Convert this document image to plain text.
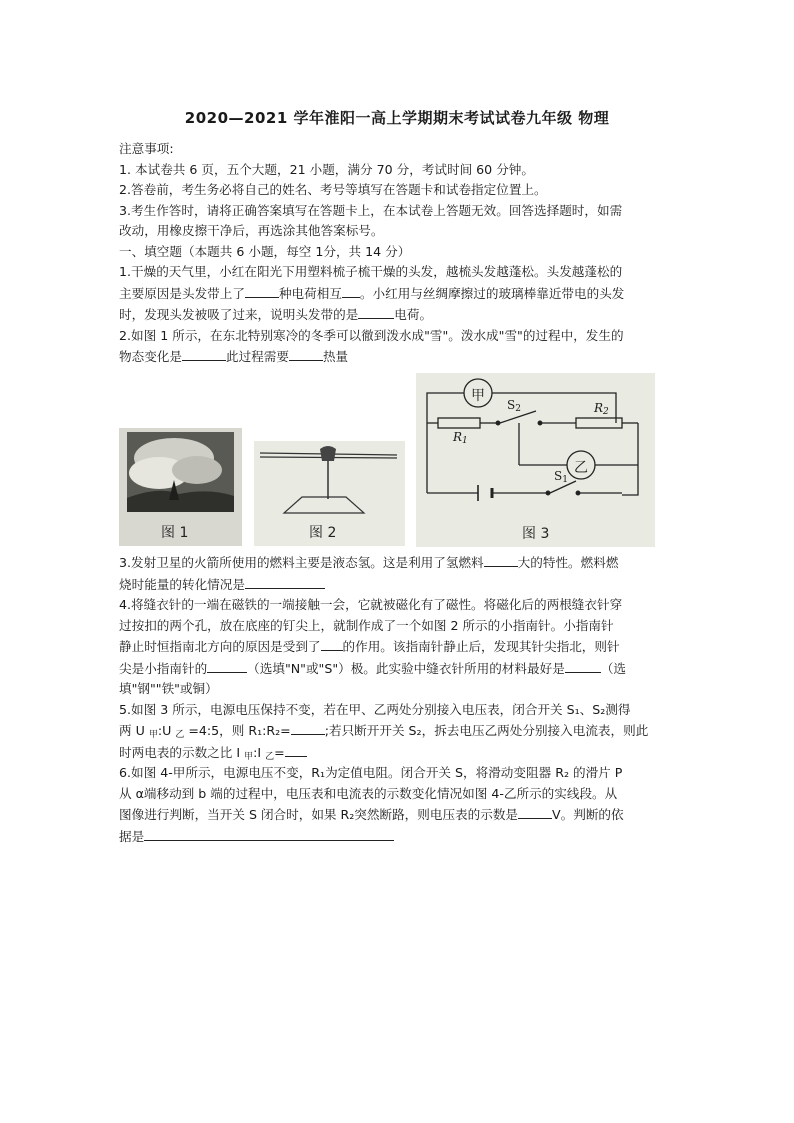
2020—2021 学年淮阳一高上学期期末考试试卷九年级 物理

注意事项:

1. 本试卷共 6 页，五个大题，21 小题，满分 70 分，考试时间 60 分钟。

2.答卷前，考生务必将自己的姓名、考号等填写在答题卡和试卷指定位置上。

3.考生作答时，请将正确答案填写在答题卡上，在本试卷上答题无效。回答选择题时，如需

改动，用橡皮擦干净后，再选涂其他答案标号。

一、填空题（本题共 6 小题，每空 1分，共 14 分）

1.干燥的天气里，小红在阳光下用塑料梳子梳干燥的头发，越梳头发越蓬松。头发越蓬松的

主要原因是头发带上了	种电荷相互 。小红用与丝绸摩擦过的玻璃棒靠近带电的头发

时，发现头发被吸了过来，说明头发带的是	电荷。

2.如图 1 所示，在东北特别寒冷的冬季可以徹到泼水成"雪"。泼水成"雪"的过程中，发生的

物态变化是	此过程需要	热量

图 1	图 2
甲
乙
$R_1$
$R_2$
$S_2$
$S_1$
图 3

3.发射卫星的火箭所使用的燃料主要是液态氢。这是利用了氢燃料	大的特性。燃料燃

烧时能量的转化情况是

4.将缝衣针的一端在磁铁的一端接触一会，它就被磁化有了磁性。将磁化后的两根缝衣针穿

过按扣的两个孔，放在底座的钉尖上，就制作成了一个如图 2 所示的小指南针。小指南针

静止时恒指南北方向的原因是受到了 的作用。该指南针静止后，发现其针尖指北，则针

尖是小指南针的	（选填"N"或"S"）极。此实验中缝衣针所用的材料最好是	（选

填"钢""铁"或铜）

5.如图 3 所示，电源电压保持不变，若在甲、乙两处分别接入电压表，闭合开关 S₁、S₂测得

两 U $_甲$:U $_乙$ =4:5，则 R₁:R₂=	;若只断开开关 S₂，拆去电压乙两处分别接入电流表，则此

时两电表的示数之比 I $_甲$:I $_乙$=

6.如图 4-甲所示，电源电压不变，R₁为定值电阻。闭合开关 S，将滑动变阻器 R₂ 的滑片 P

从 α端移动到 b 端的过程中，电压表和电流表的示数变化情况如图 4-乙所示的实线段。从

图像进行判断，当开关 S 闭合时，如果 R₂突然断路，则电压表的示数是	V。判断的依

据是
